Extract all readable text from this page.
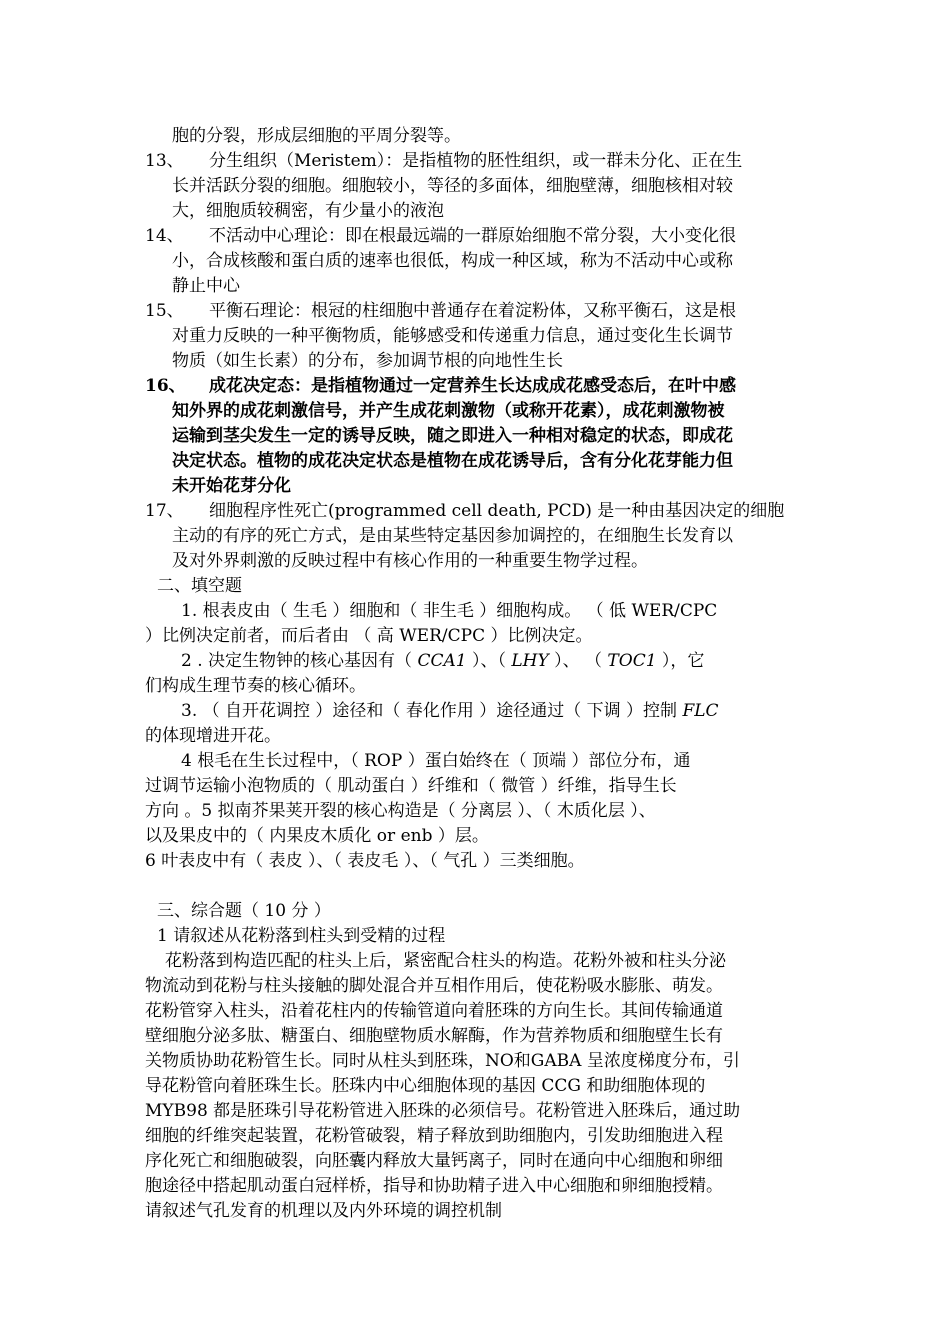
胞的分裂，形成层细胞的平周分裂等。
13、 分生组织（Meristem）：是指植物的胚性组织，或一群未分化、正在生
长并活跃分裂的细胞。细胞较小，等径的多面体，细胞壁薄，细胞核相对较
大，细胞质较稠密，有少量小的液泡
14、 不活动中心理论：即在根最远端的一群原始细胞不常分裂，大小变化很
小，合成核酸和蛋白质的速率也很低，构成一种区域，称为不活动中心或称
静止中心
15、 平衡石理论：根冠的柱细胞中普通存在着淀粉体，又称平衡石，这是根
对重力反映的一种平衡物质，能够感受和传递重力信息，通过变化生长调节
物质（如生长素）的分布，参加调节根的向地性生长
16、 成花决定态：是指植物通过一定营养生长达成成花感受态后，在叶中感
知外界的成花刺激信号，并产生成花刺激物（或称开花素），成花刺激物被
运输到茎尖发生一定的诱导反映，随之即进入一种相对稳定的状态，即成花
决定状态。植物的成花决定状态是植物在成花诱导后，含有分化花芽能力但
未开始花芽分化
17、 细胞程序性死亡(programmed cell death, PCD) 是一种由基因决定的细胞
主动的有序的死亡方式，是由某些特定基因参加调控的，在细胞生长发育以
及对外界刺激的反映过程中有核心作用的一种重要生物学过程。
二、填空题
1. 根表皮由（ 生毛 ）细胞和（ 非生毛 ）细胞构成。 （ 低 WER/CPC
）比例决定前者，而后者由 （ 高 WER/CPC ）比例决定。
2 . 决定生物钟的核心基因有（ CCA1 ）、（ LHY ）、 （ TOC1 ），它
们构成生理节奏的核心循环。
3. （ 自开花调控 ）途径和（ 春化作用 ）途径通过（ 下调 ）控制 FLC
的体现增进开花。
4 根毛在生长过程中，（ ROP ）蛋白始终在（ 顶端 ）部位分布，通
过调节运输小泡物质的（ 肌动蛋白 ）纤维和（ 微管 ）纤维，指导生长
方向 。5 拟南芥果荚开裂的核心构造是（ 分离层 ）、（ 木质化层 ）、
以及果皮中的（ 内果皮木质化 or enb ）层。
6 叶表皮中有（ 表皮 ）、（ 表皮毛 ）、（ 气孔 ）三类细胞。
三、综合题（ 10 分 ）
1 请叙述从花粉落到柱头到受精的过程
花粉落到构造匹配的柱头上后，紧密配合柱头的构造。花粉外被和柱头分泌
物流动到花粉与柱头接触的脚处混合并互相作用后，使花粉吸水膨胀、萌发。
花粉管穿入柱头，沿着花柱内的传输管道向着胚珠的方向生长。其间传输通道
壁细胞分泌多肽、糖蛋白、细胞壁物质水解酶，作为营养物质和细胞壁生长有
关物质协助花粉管生长。同时从柱头到胚珠，NO和GABA 呈浓度梯度分布，引
导花粉管向着胚珠生长。胚珠内中心细胞体现的基因 CCG 和助细胞体现的
MYB98 都是胚珠引导花粉管进入胚珠的必须信号。花粉管进入胚珠后，通过助
细胞的纤维突起装置，花粉管破裂，精子释放到助细胞内，引发助细胞进入程
序化死亡和细胞破裂，向胚囊内释放大量钙离子，同时在通向中心细胞和卵细
胞途径中搭起肌动蛋白冠样桥，指导和协助精子进入中心细胞和卵细胞授精。
请叙述气孔发育的机理以及内外环境的调控机制
